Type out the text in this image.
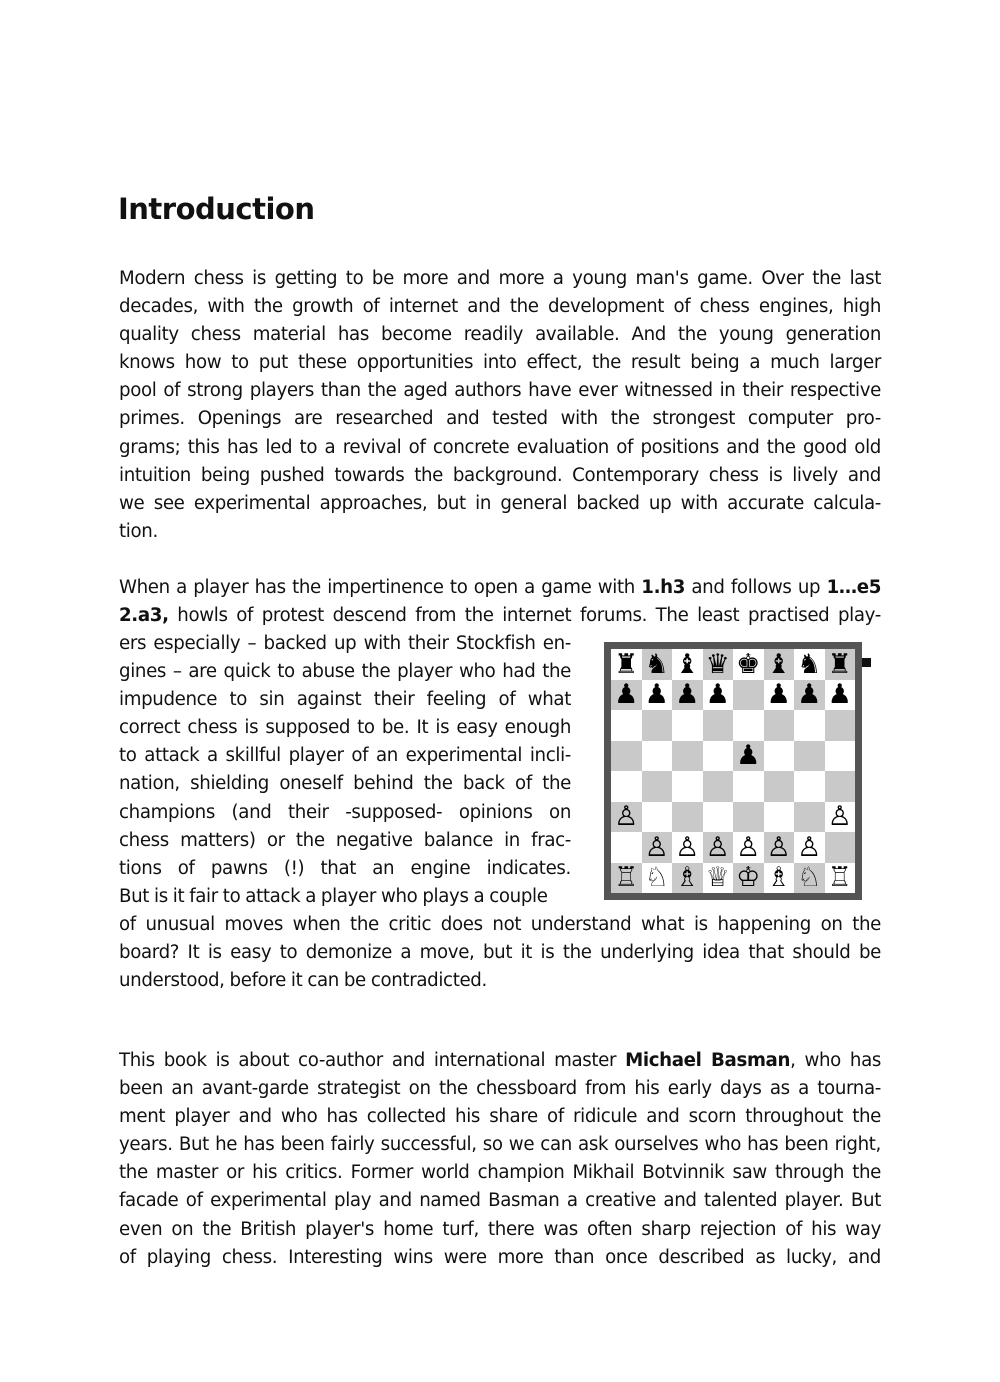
Introduction

Modern chess is getting to be more and more a young man's game. Over the last
decades, with the growth of internet and the development of chess engines, high
quality chess material has become readily available. And the young generation
knows how to put these opportunities into effect, the result being a much larger
pool of strong players than the aged authors have ever witnessed in their respective
primes. Openings are researched and tested with the strongest computer pro-
grams; this has led to a revival of concrete evaluation of positions and the good old
intuition being pushed towards the background. Contemporary chess is lively and
we see experimental approaches, but in general backed up with accurate calcula-
tion.

When a player has the impertinence to open a game with 1.h3 and follows up 1…e5
2.a3, howls of protest descend from the internet forums. The least practised play-

ers especially – backed up with their Stockfish en-
gines – are quick to abuse the player who had the
impudence to sin against their feeling of what
correct chess is supposed to be. It is easy enough
to attack a skillful player of an experimental incli-
nation, shielding oneself behind the back of the
champions (and their -supposed- opinions on
chess matters) or the negative balance in frac-
tions of pawns (!) that an engine indicates.
But is it fair to attack a player who plays a couple

of unusual moves when the critic does not understand what is happening on the
board? It is easy to demonize a move, but it is the underlying idea that should be
understood, before it can be contradicted.

This book is about co-author and international master Michael Basman, who has
been an avant-garde strategist on the chessboard from his early days as a tourna-
ment player and who has collected his share of ridicule and scorn throughout the
years. But he has been fairly successful, so we can ask ourselves who has been right,
the master or his critics. Former world champion Mikhail Botvinnik saw through the
facade of experimental play and named Basman a creative and talented player. But
even on the British player's home turf, there was often sharp rejection of his way
of playing chess. Interesting wins were more than once described as lucky, and

♜ ♞ ♝ ♛ ♚ ♝ ♞ ♜
♟ ♟ ♟ ♟ ♟ ♟ ♟
♟
♙	♙
♙ ♙ ♙ ♙ ♙ ♙
♖ ♘ ♗ ♕ ♔ ♗ ♘ ♖
